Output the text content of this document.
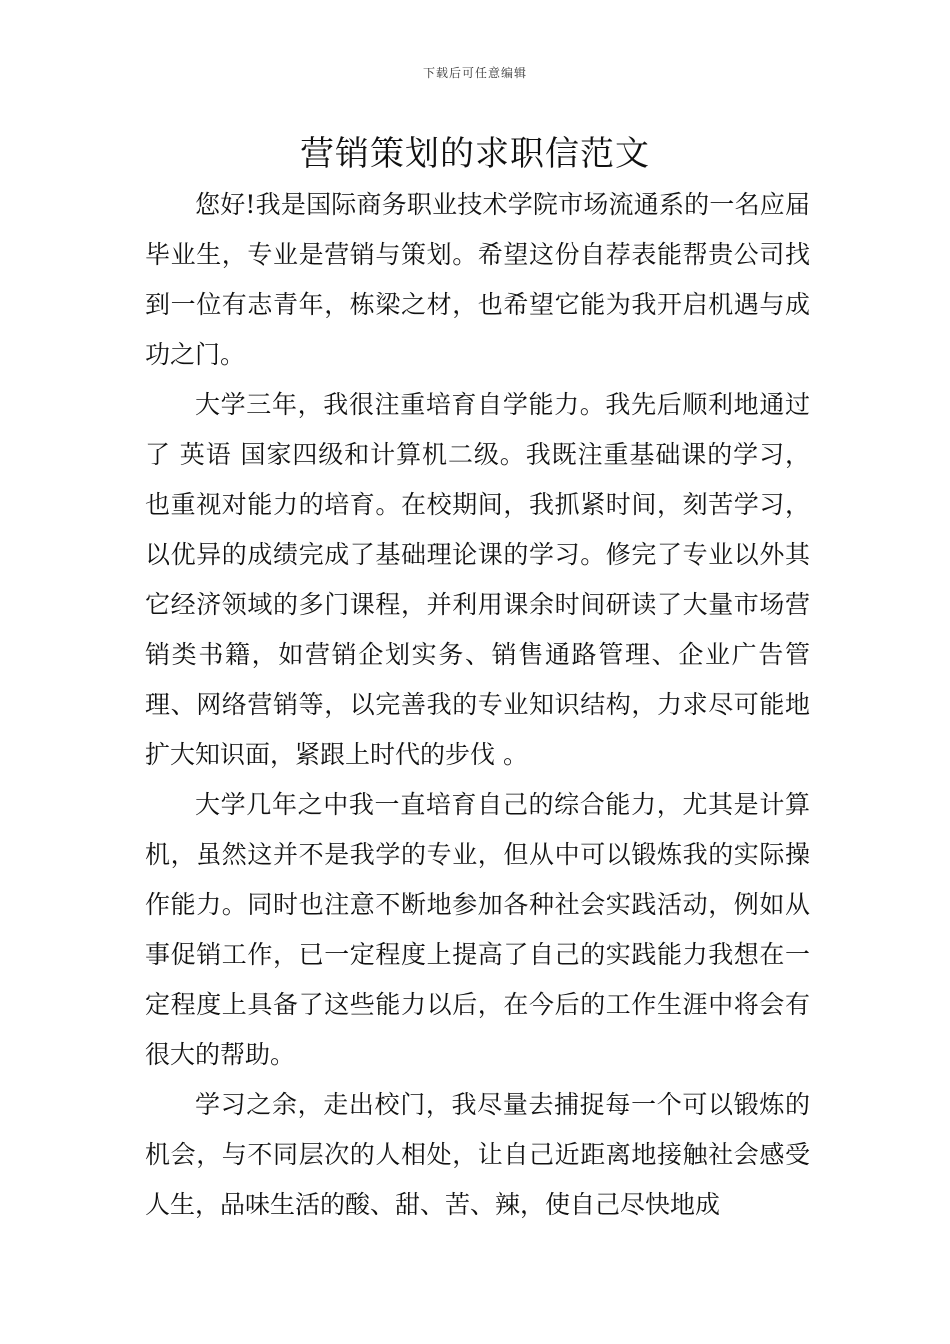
下载后可任意编辑
营销策划的求职信范文

您好!我是国际商务职业技术学院市场流通系的一名应届毕业生，专业是营销与策划。希望这份自荐表能帮贵公司找到一位有志青年，栋梁之材，也希望它能为我开启机遇与成功之门。

大学三年，我很注重培育自学能力。我先后顺利地通过了 英语 国家四级和计算机二级。我既注重基础课的学习，也重视对能力的培育。在校期间，我抓紧时间，刻苦学习，以优异的成绩完成了基础理论课的学习。修完了专业以外其它经济领域的多门课程，并利用课余时间研读了大量市场营销类书籍，如营销企划实务、销售通路管理、企业广告管理、网络营销等，以完善我的专业知识结构，力求尽可能地扩大知识面，紧跟上时代的步伐 。

大学几年之中我一直培育自己的综合能力，尤其是计算机，虽然这并不是我学的专业，但从中可以锻炼我的实际操作能力。同时也注意不断地参加各种社会实践活动，例如从事促销工作，已一定程度上提高了自己的实践能力我想在一定程度上具备了这些能力以后，在今后的工作生涯中将会有很大的帮助。

学习之余，走出校门，我尽量去捕捉每一个可以锻炼的机会，与不同层次的人相处，让自己近距离地接触社会感受人生，品味生活的酸、甜、苦、辣，使自己尽快地成
